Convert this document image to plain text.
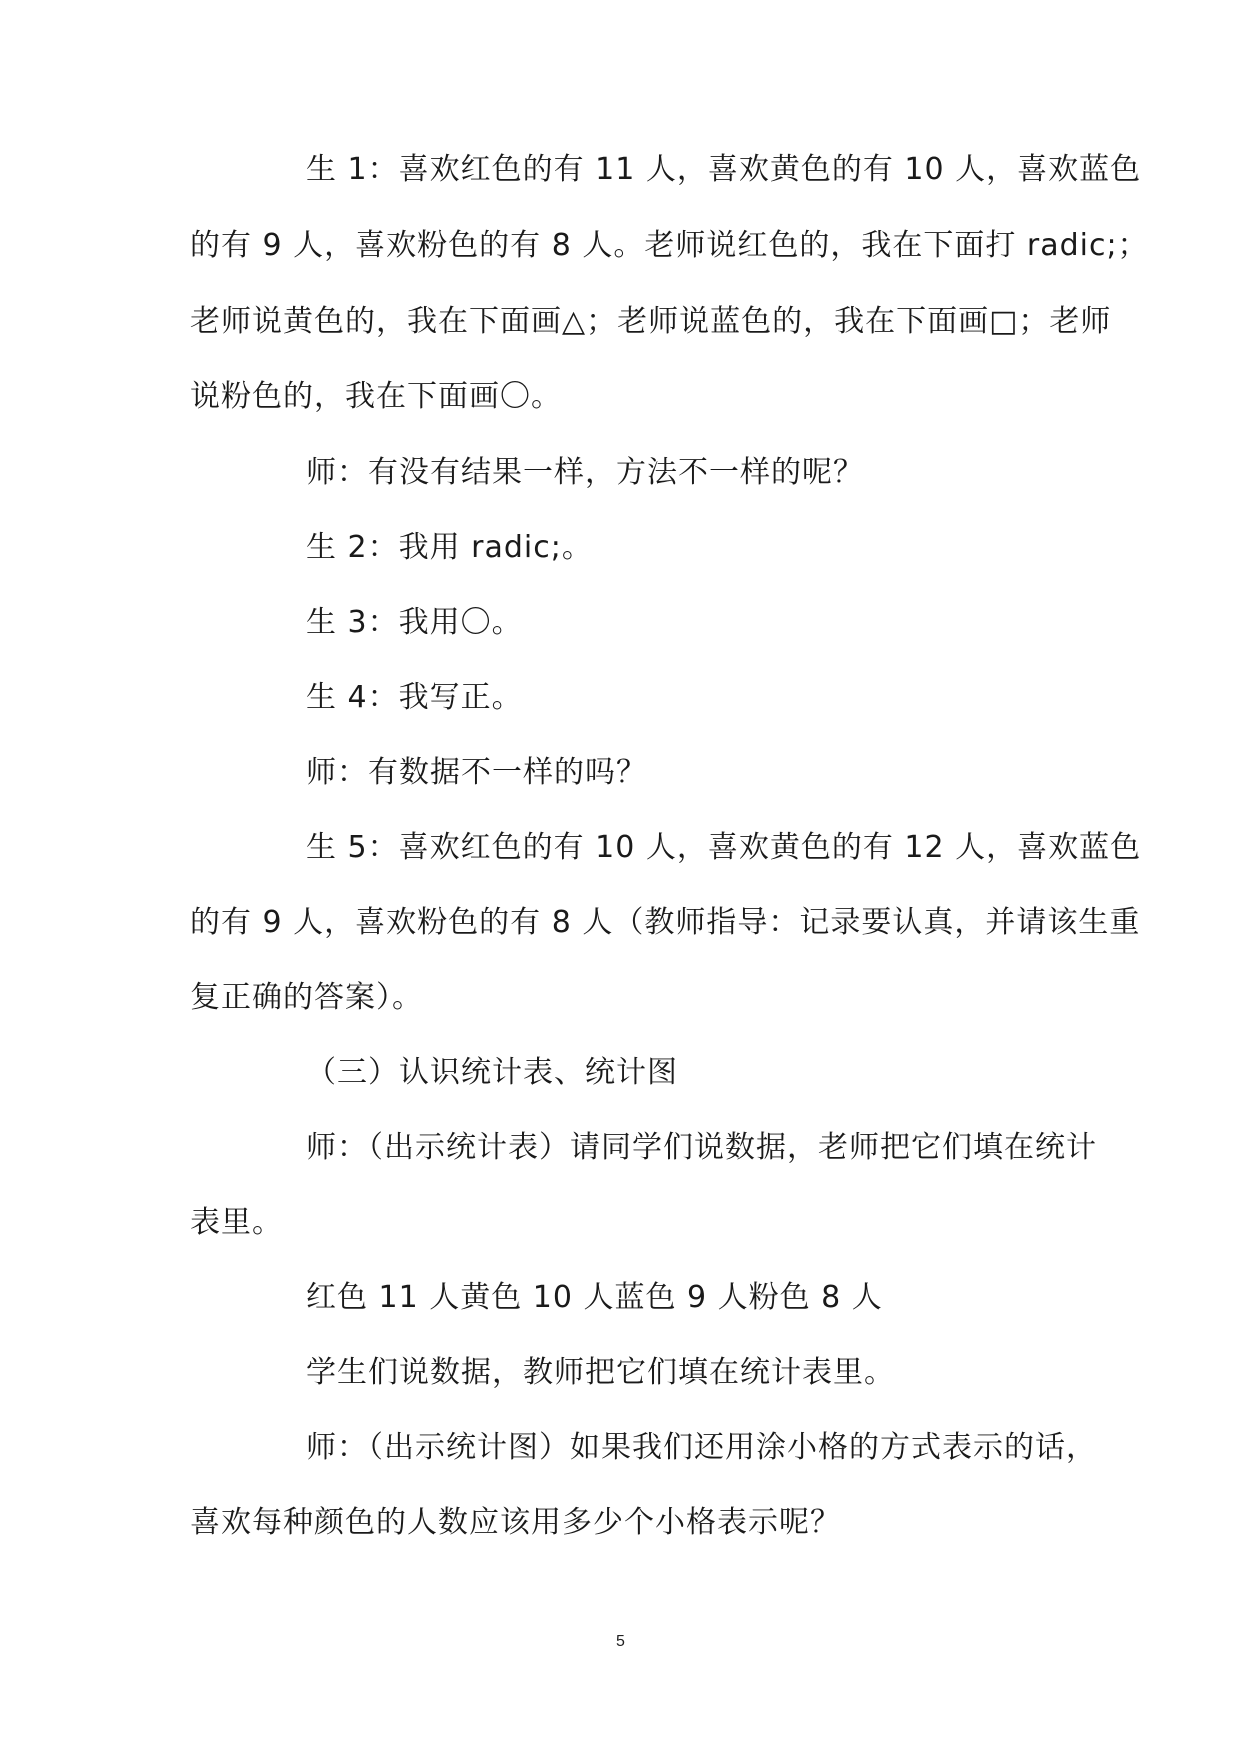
生 1：喜欢红色的有 11 人，喜欢黄色的有 10 人，喜欢蓝色
的有 9 人，喜欢粉色的有 8 人。老师说红色的，我在下面打 radic;；
老师说黄色的，我在下面画△；老师说蓝色的，我在下面画□；老师
说粉色的，我在下面画〇。
师：有没有结果一样，方法不一样的呢？
生 2：我用 radic;。
生 3：我用〇。
生 4：我写正。
师：有数据不一样的吗？
生 5：喜欢红色的有 10 人，喜欢黄色的有 12 人，喜欢蓝色
的有 9 人，喜欢粉色的有 8 人（教师指导：记录要认真，并请该生重
复正确的答案）。
（三）认识统计表、统计图
师：（出示统计表）请同学们说数据，老师把它们填在统计
表里。
红色 11 人黄色 10 人蓝色 9 人粉色 8 人
学生们说数据，教师把它们填在统计表里。
师：（出示统计图）如果我们还用涂小格的方式表示的话，
喜欢每种颜色的人数应该用多少个小格表示呢？
5
